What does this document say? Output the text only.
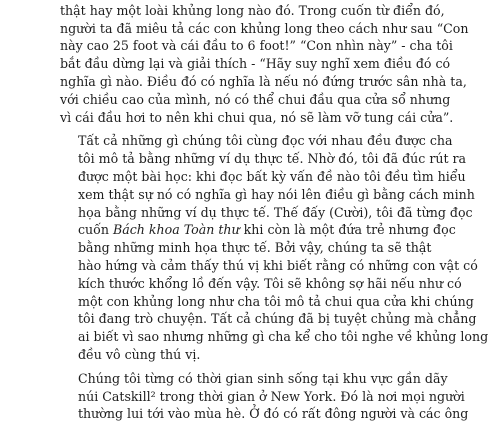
thật hay một loài khủng long nào đó. Trong cuốn từ điển đó,
người ta đã miêu tả các con khủng long theo cách như sau “Con
này cao 25 foot và cái đầu to 6 foot!” “Con nhìn này” - cha tôi
bắt đầu dừng lại và giải thích - “Hãy suy nghĩ xem điều đó có
nghĩa gì nào. Điều đó có nghĩa là nếu nó đứng trước sân nhà ta,
với chiều cao của mình, nó có thể chui đầu qua cửa sổ nhưng
vì cái đầu hơi to nên khi chui qua, nó sẽ làm vỡ tung cái cửa”.
Tất cả những gì chúng tôi cùng đọc với nhau đều được cha
tôi mô tả bằng những ví dụ thực tế. Nhờ đó, tôi đã đúc rút ra
được một bài học: khi đọc bất kỳ vấn đề nào tôi đều tìm hiểu
xem thật sự nó có nghĩa gì hay nói lên điều gì bằng cách minh
họa bằng những ví dụ thực tế. Thế đấy (Cười), tôi đã từng đọc
cuốn Bách khoa Toàn thư khi còn là một đứa trẻ nhưng đọc
bằng những minh họa thực tế. Bởi vậy, chúng ta sẽ thật
hào hứng và cảm thấy thú vị khi biết rằng có những con vật có
kích thước khổng lồ đến vậy. Tôi sẽ không sợ hãi nếu như có
một con khủng long như cha tôi mô tả chui qua cửa khi chúng
tôi đang trò chuyện. Tất cả chúng đã bị tuyệt chủng mà chẳng
ai biết vì sao nhưng những gì cha kể cho tôi nghe về khủng long
đều vô cùng thú vị.
Chúng tôi từng có thời gian sinh sống tại khu vực gần dãy
núi Catskill² trong thời gian ở New York. Đó là nơi mọi người
thường lui tới vào mùa hè. Ở đó có rất đông người và các ông
